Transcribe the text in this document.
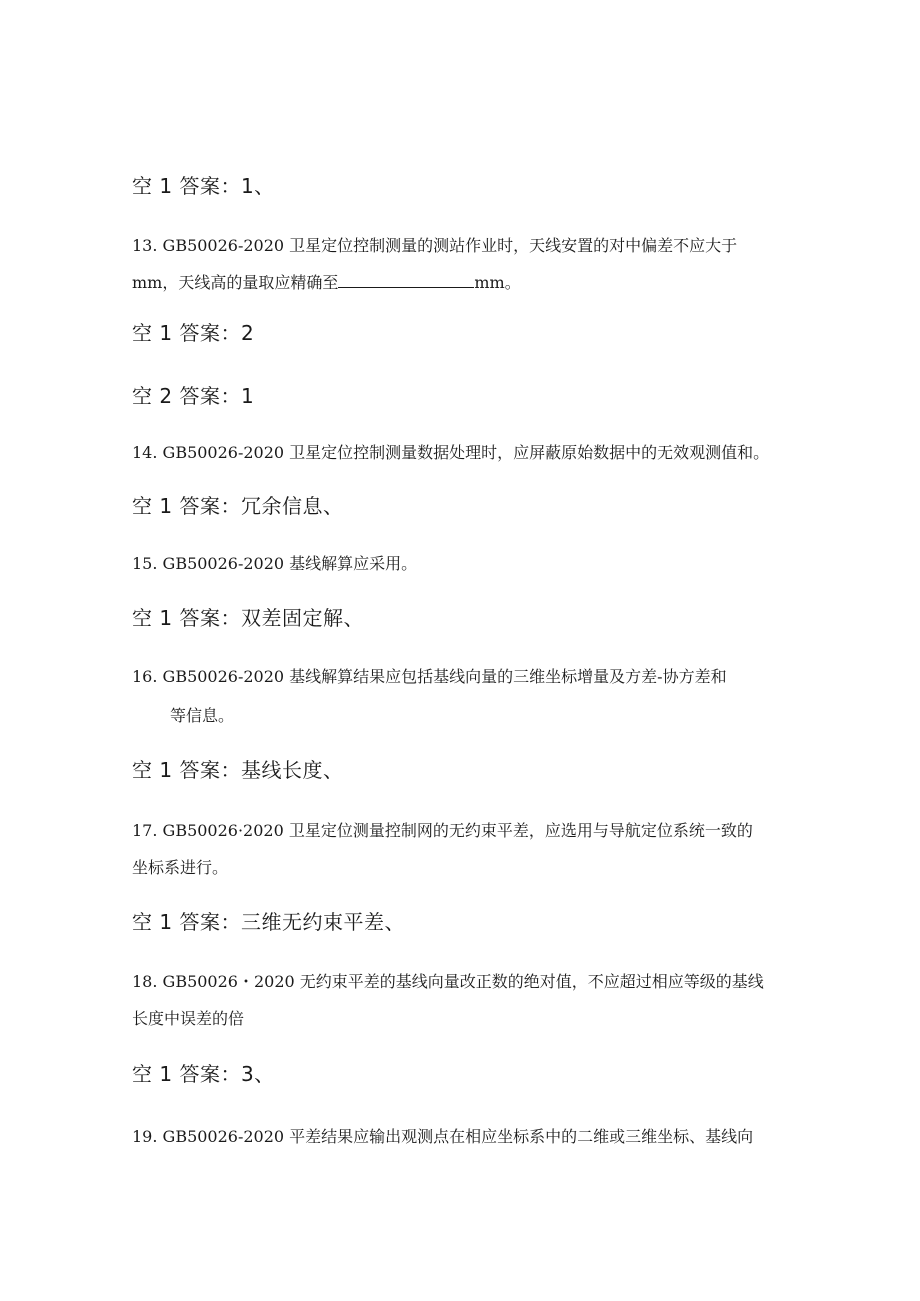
空 1 答案：1、
13. GB50026-2020 卫星定位控制测量的测站作业时，天线安置的对中偏差不应大于
mm，天线高的量取应精确至	mm。
空 1 答案：2
空 2 答案：1
14. GB50026-2020 卫星定位控制测量数据处理时，应屏蔽原始数据中的无效观测值和。
空 1 答案：冗余信息、
15. GB50026-2020 基线解算应采用。
空 1 答案：双差固定解、
16. GB50026-2020 基线解算结果应包括基线向量的三维坐标增量及方差-协方差和
等信息。
空 1 答案：基线长度、
17. GB50026·2020 卫星定位测量控制网的无约束平差，应选用与导航定位系统一致的
坐标系进行。
空 1 答案：三维无约束平差、
18. GB50026・2020 无约束平差的基线向量改正数的绝对值，不应超过相应等级的基线
长度中误差的倍
空 1 答案：3、
19. GB50026-2020 平差结果应输出观测点在相应坐标系中的二维或三维坐标、基线向
